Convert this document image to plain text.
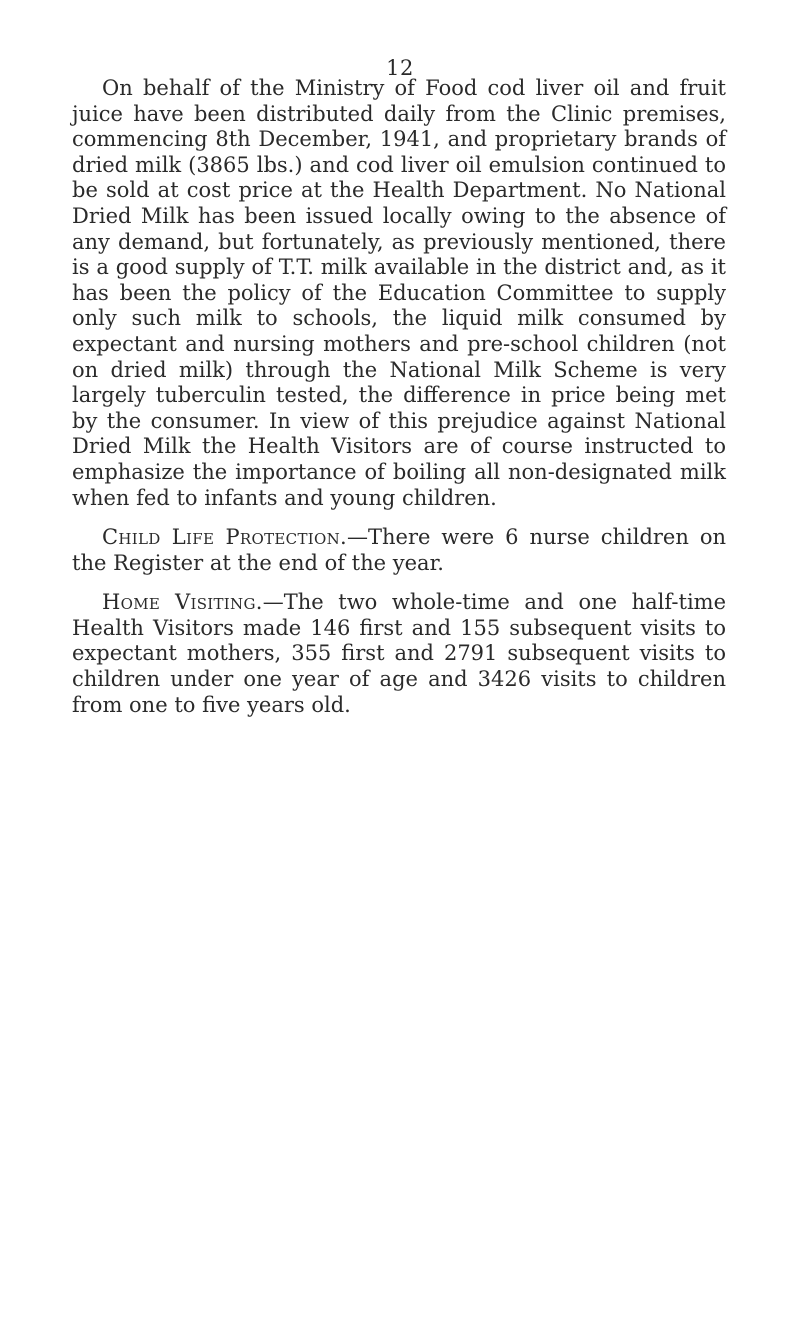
12

On behalf of the Ministry of Food cod liver oil and fruit juice have been distributed daily from the Clinic premises, commencing 8th December, 1941, and proprietary brands of dried milk (3865 lbs.) and cod liver oil emulsion continued to be sold at cost price at the Health Department. No National Dried Milk has been issued locally owing to the absence of any demand, but fortunately, as previously mentioned, there is a good supply of T.T. milk available in the district and, as it has been the policy of the Education Committee to supply only such milk to schools, the liquid milk consumed by expectant and nursing mothers and pre-school children (not on dried milk) through the National Milk Scheme is very largely tuberculin tested, the difference in price being met by the consumer. In view of this prejudice against National Dried Milk the Health Visitors are of course instructed to emphasize the importance of boiling all non-designated milk when fed to infants and young children.

Child Life Protection.—There were 6 nurse children on the Register at the end of the year.

Home Visiting.—The two whole-time and one half-time Health Visitors made 146 first and 155 subsequent visits to expectant mothers, 355 first and 2791 subsequent visits to children under one year of age and 3426 visits to children from one to five years old.
